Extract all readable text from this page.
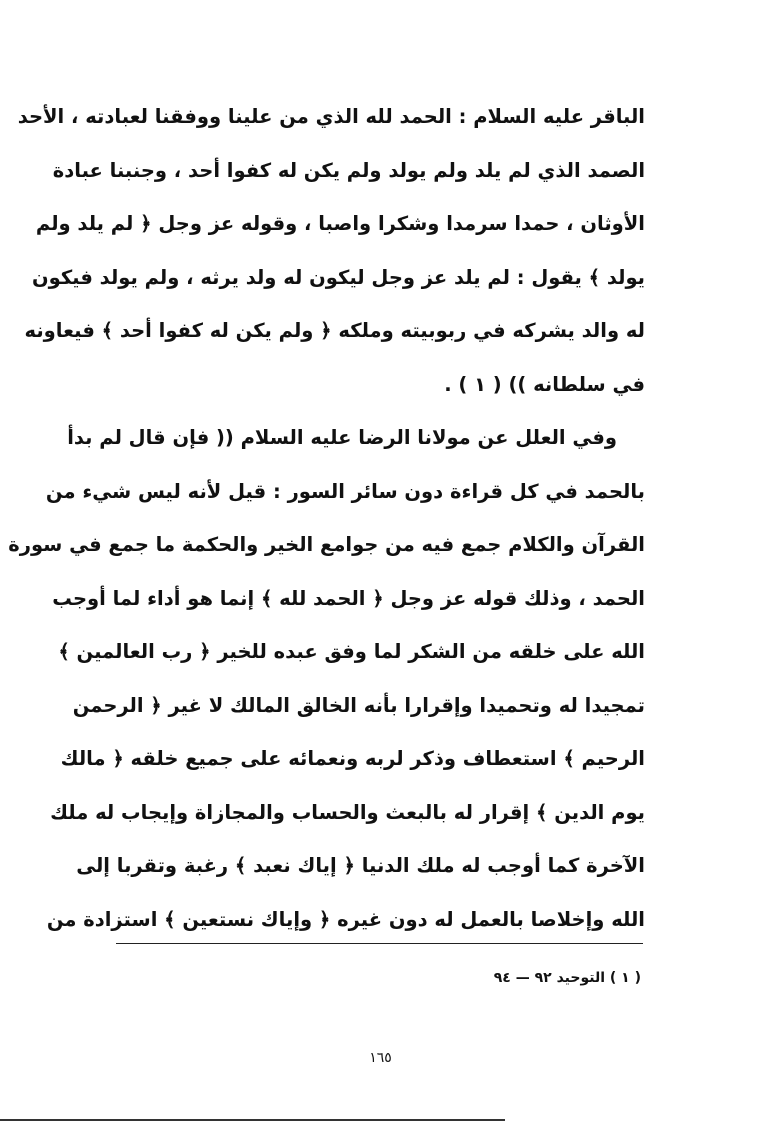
الباقر عليه السلام : الحمد لله الذي من علينا ووفقنا لعبادته ، الأحد
الصمد الذي لم يلد ولم يولد ولم يكن له كفوا أحد ، وجنبنا عبادة
الأوثان ، حمدا سرمدا وشكرا واصبا ، وقوله عز وجل ﴿ لم يلد ولم
يولد ﴾ يقول : لم يلد عز وجل ليكون له ولد يرثه ، ولم يولد فيكون
له والد يشركه في ربوبيته وملكه ﴿ ولم يكن له كفوا أحد ﴾ فيعاونه
في سلطانه )) ( ١ ) .
وفي العلل عن مولانا الرضا عليه السلام (( فإن قال لم بدأ
بالحمد في كل قراءة دون سائر السور : قيل لأنه ليس شيء من
القرآن والكلام جمع فيه من جوامع الخير والحكمة ما جمع في سورة
الحمد ، وذلك قوله عز وجل ﴿ الحمد لله ﴾ إنما هو أداء لما أوجب
الله على خلقه من الشكر لما وفق عبده للخير ﴿ رب العالمين ﴾
تمجيدا له وتحميدا وإقرارا بأنه الخالق المالك لا غير ﴿ الرحمن
الرحيم ﴾ استعطاف وذكر لربه ونعمائه على جميع خلقه ﴿ مالك
يوم الدين ﴾ إقرار له بالبعث والحساب والمجازاة وإيجاب له ملك
الآخرة كما أوجب له ملك الدنيا ﴿ إياك نعبد ﴾ رغبة وتقربا إلى
الله وإخلاصا بالعمل له دون غيره ﴿ وإياك نستعين ﴾ استزادة من
( ١ ) التوحيد ٩٢ — ٩٤
١٦٥
